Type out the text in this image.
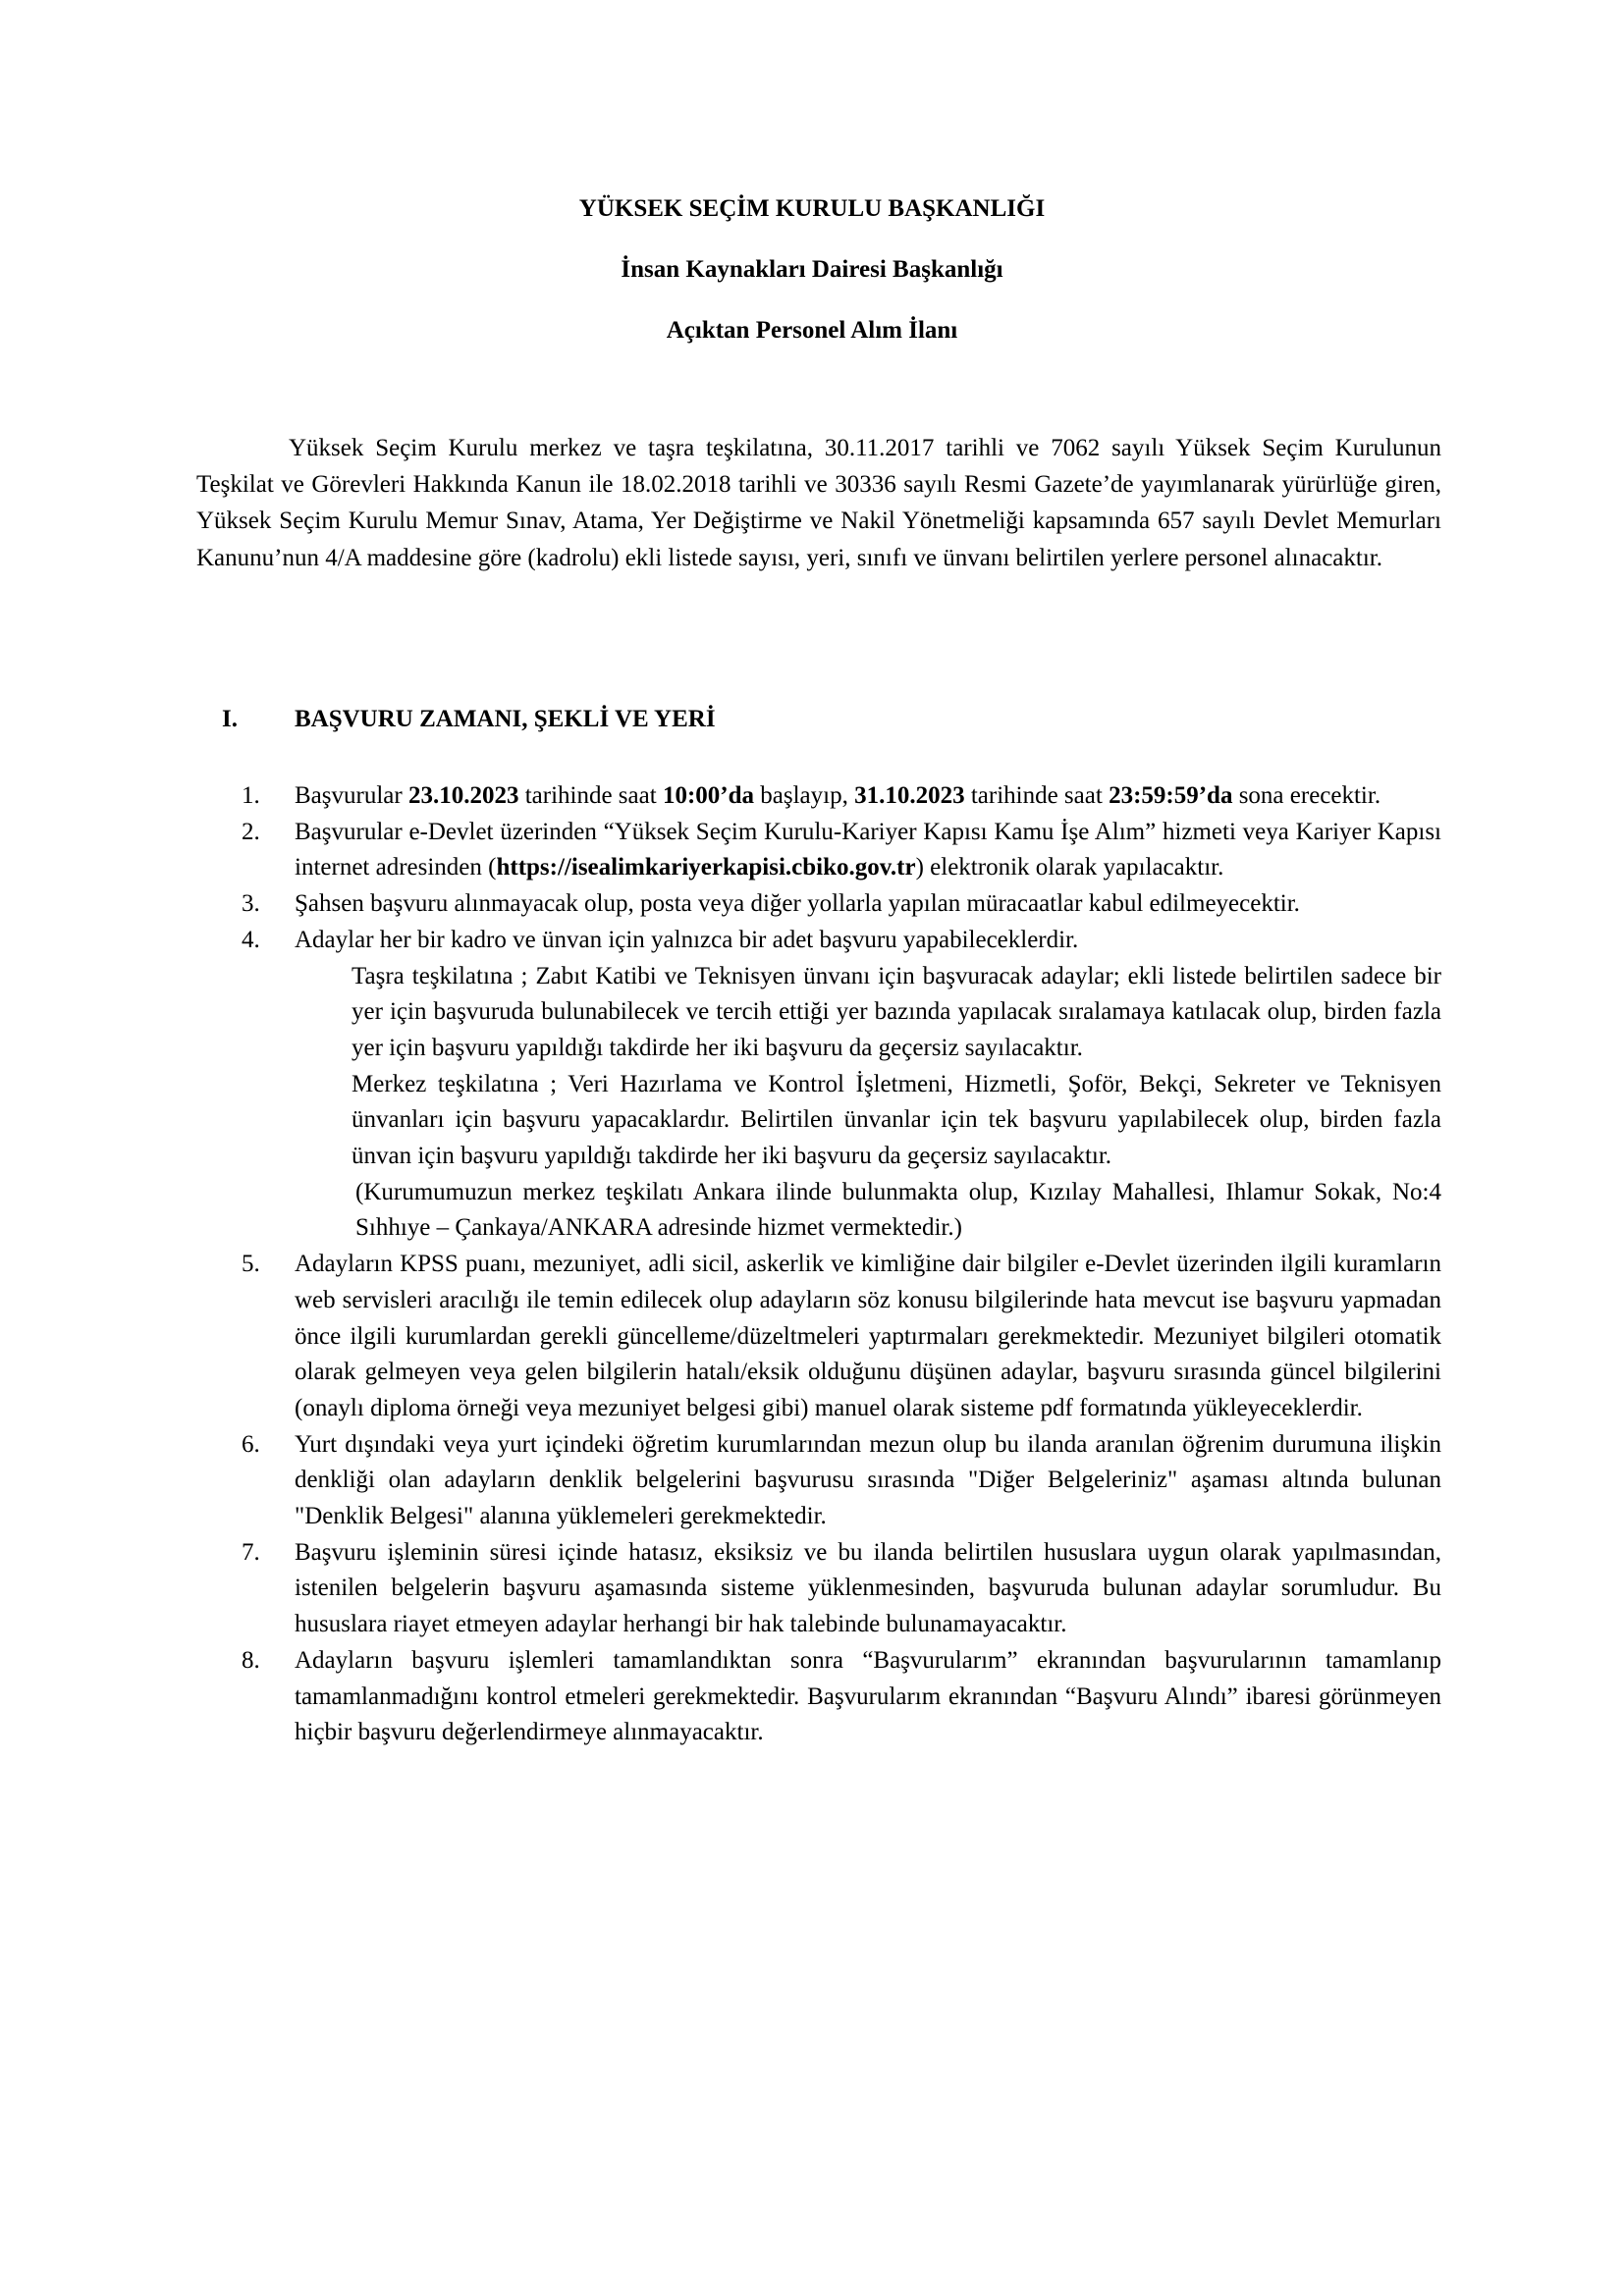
YÜKSEK SEÇİM KURULU BAŞKANLIĞI
İnsan Kaynakları Dairesi Başkanlığı
Açıktan Personel Alım İlanı

Yüksek Seçim Kurulu merkez ve taşra teşkilatına, 30.11.2017 tarihli ve 7062 sayılı Yüksek Seçim Kurulunun Teşkilat ve Görevleri Hakkında Kanun ile 18.02.2018 tarihli ve 30336 sayılı Resmi Gazete’de yayımlanarak yürürlüğe giren, Yüksek Seçim Kurulu Memur Sınav, Atama, Yer Değiştirme ve Nakil Yönetmeliği kapsamında 657 sayılı Devlet Memurları Kanunu’nun 4/A maddesine göre (kadrolu) ekli listede sayısı, yeri, sınıfı ve ünvanı belirtilen yerlere personel alınacaktır.

I. BAŞVURU ZAMANI, ŞEKLİ VE YERİ
1. Başvurular 23.10.2023 tarihinde saat 10:00’da başlayıp, 31.10.2023 tarihinde saat 23:59:59’da sona erecektir.
2. Başvurular e-Devlet üzerinden “Yüksek Seçim Kurulu-Kariyer Kapısı Kamu İşe Alım” hizmeti veya Kariyer Kapısı internet adresinden (https://isealimkariyerkapisi.cbiko.gov.tr) elektronik olarak yapılacaktır.
3. Şahsen başvuru alınmayacak olup, posta veya diğer yollarla yapılan müracaatlar kabul edilmeyecektir.
4. Adaylar her bir kadro ve ünvan için yalnızca bir adet başvuru yapabileceklerdir.
Taşra teşkilatına ; Zabıt Katibi ve Teknisyen ünvanı için başvuracak adaylar; ekli listede belirtilen sadece bir yer için başvuruda bulunabilecek ve tercih ettiği yer bazında yapılacak sıralamaya katılacak olup, birden fazla yer için başvuru yapıldığı takdirde her iki başvuru da geçersiz sayılacaktır.
Merkez teşkilatına ; Veri Hazırlama ve Kontrol İşletmeni, Hizmetli, Şoför, Bekçi, Sekreter ve Teknisyen ünvanları için başvuru yapacaklardır. Belirtilen ünvanlar için tek başvuru yapılabilecek olup, birden fazla ünvan için başvuru yapıldığı takdirde her iki başvuru da geçersiz sayılacaktır.
(Kurumumuzun merkez teşkilatı Ankara ilinde bulunmakta olup, Kızılay Mahallesi, Ihlamur Sokak, No:4 Sıhhıye – Çankaya/ANKARA adresinde hizmet vermektedir.)
5. Adayların KPSS puanı, mezuniyet, adli sicil, askerlik ve kimliğine dair bilgiler e-Devlet üzerinden ilgili kuramların web servisleri aracılığı ile temin edilecek olup adayların söz konusu bilgilerinde hata mevcut ise başvuru yapmadan önce ilgili kurumlardan gerekli güncelleme/düzeltmeleri yaptırmaları gerekmektedir. Mezuniyet bilgileri otomatik olarak gelmeyen veya gelen bilgilerin hatalı/eksik olduğunu düşünen adaylar, başvuru sırasında güncel bilgilerini (onaylı diploma örneği veya mezuniyet belgesi gibi) manuel olarak sisteme pdf formatında yükleyeceklerdir.
6. Yurt dışındaki veya yurt içindeki öğretim kurumlarından mezun olup bu ilanda aranılan öğrenim durumuna ilişkin denkliği olan adayların denklik belgelerini başvurusu sırasında "Diğer Belgeleriniz" aşaması altında bulunan "Denklik Belgesi" alanına yüklemeleri gerekmektedir.
7. Başvuru işleminin süresi içinde hatasız, eksiksiz ve bu ilanda belirtilen hususlara uygun olarak yapılmasından, istenilen belgelerin başvuru aşamasında sisteme yüklenmesinden, başvuruda bulunan adaylar sorumludur. Bu hususlara riayet etmeyen adaylar herhangi bir hak talebinde bulunamayacaktır.
8. Adayların başvuru işlemleri tamamlandıktan sonra “Başvurularım” ekranından başvurularının tamamlanıp tamamlanmadığını kontrol etmeleri gerekmektedir. Başvurularım ekranından “Başvuru Alındı” ibaresi görünmeyen hiçbir başvuru değerlendirmeye alınmayacaktır.
